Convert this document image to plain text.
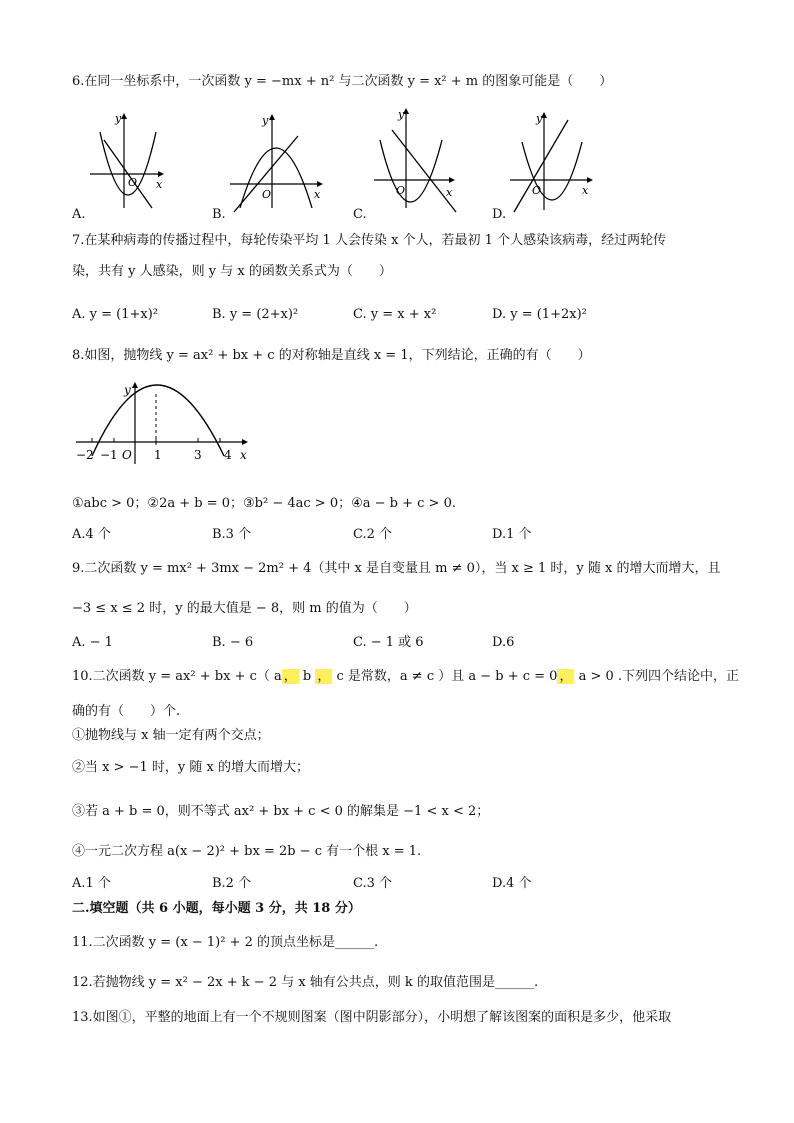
6.在同一坐标系中，一次函数 y = −mx + n² 与二次函数 y = x² + m 的图象可能是（　　）
y
x
O
A.
y
x
O
B.
y
x
O
C.
y
x
O
D.
7.在某种病毒的传播过程中，每轮传染平均 1 人会传染 x 个人，若最初 1 个人感染该病毒，经过两轮传
染，共有 y 人感染，则 y 与 x 的函数关系式为（　　）
A. y = (1+x)²	B. y = (2+x)²	C. y = x + x²	D. y = (1+2x)²
8.如图，抛物线 y = ax² + bx + c 的对称轴是直线 x = 1，下列结论，正确的有（　　）
y
−2 −1 O 1	3 4 x
①abc > 0；②2a + b = 0；③b² − 4ac > 0；④a − b + c > 0.
A.4 个	B.3 个	C.2 个	D.1 个
9.二次函数 y = mx² + 3mx − 2m² + 4（其中 x 是自变量且 m ≠ 0），当 x ≥ 1 时，y 随 x 的增大而增大，且
−3 ≤ x ≤ 2 时，y 的最大值是 − 8，则 m 的值为（　　）
A. − 1	B. − 6	C. − 1 或 6	D.6
10.二次函数 y = ax² + bx + c（ a ， b ， c 是常数，a ≠ c ）且 a − b + c = 0 ， a > 0 .下列四个结论中，正
确的有（　　）个.
①抛物线与 x 轴一定有两个交点；
②当 x > −1 时，y 随 x 的增大而增大；
③若 a + b = 0，则不等式 ax² + bx + c < 0 的解集是 −1 < x < 2；
④一元二次方程 a(x − 2)² + bx = 2b − c 有一个根 x = 1.
A.1 个	B.2 个	C.3 个	D.4 个
二.填空题（共 6 小题，每小题 3 分，共 18 分）
11.二次函数 y = (x − 1)² + 2 的顶点坐标是______.
12.若抛物线 y = x² − 2x + k − 2 与 x 轴有公共点，则 k 的取值范围是______.
13.如图①，平整的地面上有一个不规则图案（图中阴影部分），小明想了解该图案的面积是多少，他采取
